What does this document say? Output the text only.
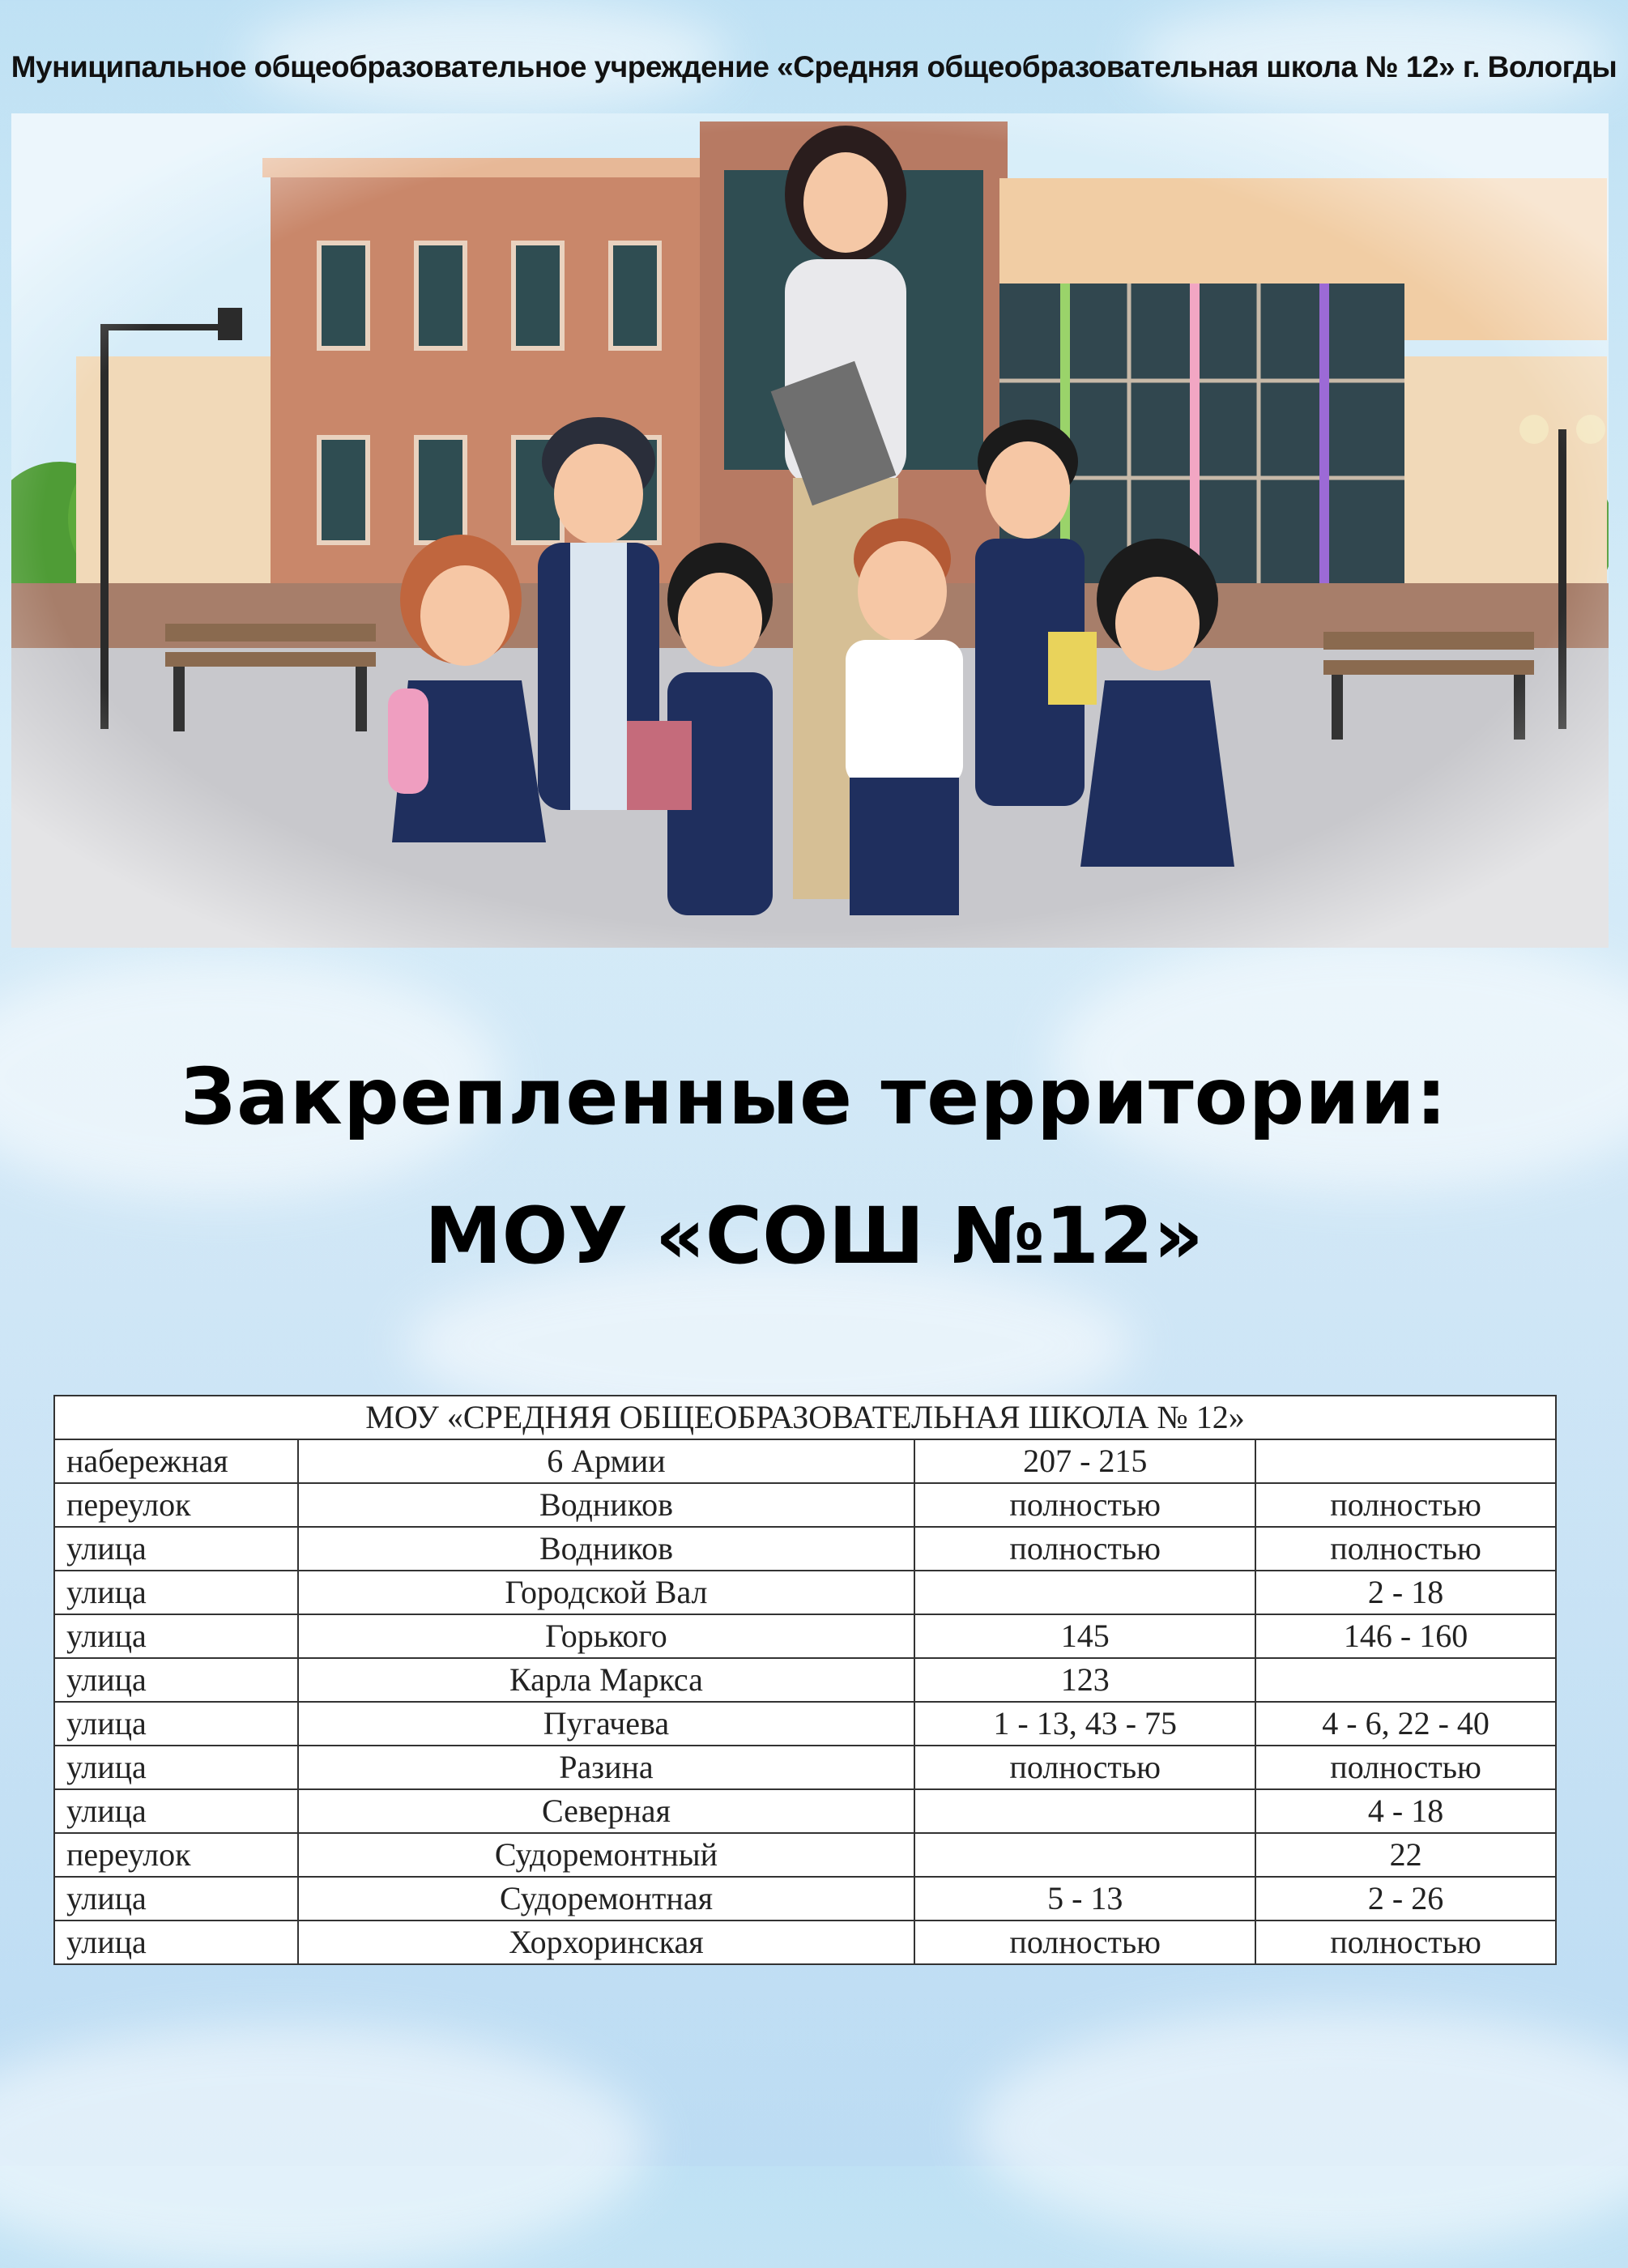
Муниципальное общеобразовательное учреждение «Средняя общеобразовательная школа № 12» г. Вологды
Закрепленные территории:
МОУ «СОШ №12»
МОУ «СРЕДНЯЯ ОБЩЕОБРАЗОВАТЕЛЬНАЯ ШКОЛА № 12»			
набережная	6 Армии	207 - 215	
переулок	Водников	полностью	полностью
улица	Водников	полностью	полностью
улица	Городской Вал		2 - 18
улица	Горького	145	146 - 160
улица	Карла Маркса	123	
улица	Пугачева	1 - 13, 43 - 75	4 - 6, 22 - 40
улица	Разина	полностью	полностью
улица	Северная		4 - 18
переулок	Судоремонтный		22
улица	Судоремонтная	5 - 13	2 - 26
улица	Хорхоринская	полностью	полностью
